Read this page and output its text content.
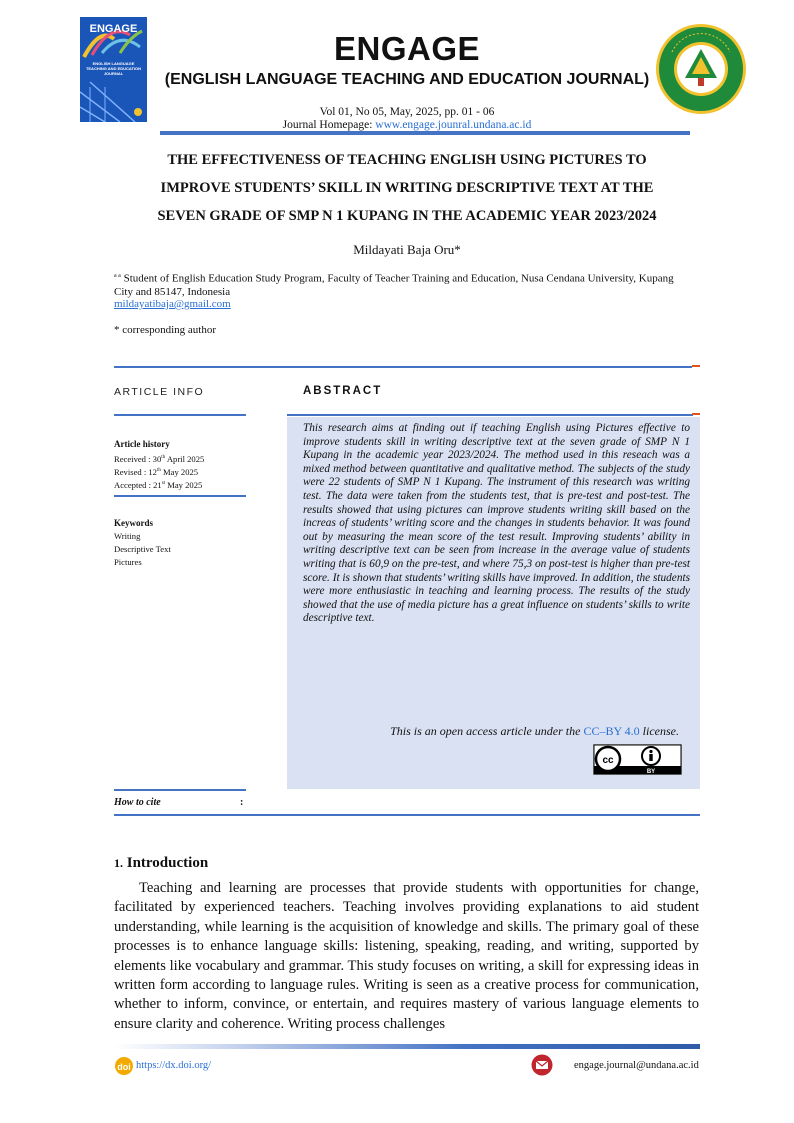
ENGAGE
ENGLISH LANGUAGE TEACHING AND EDUCATION JOURNAL
ENGAGE
(ENGLISH LANGUAGE TEACHING AND EDUCATION JOURNAL)
Vol 01, No 05, May, 2025, pp. 01 - 06
Journal Homepage: www.engage.jounral.undana.ac.id
THE EFFECTIVENESS OF TEACHING ENGLISH USING PICTURES TO
IMPROVE STUDENTS’ SKILL IN WRITING DESCRIPTIVE TEXT AT THE
SEVEN GRADE OF SMP N 1 KUPANG IN THE ACADEMIC YEAR 2023/2024
Mildayati Baja Oru*
$^{a a}$ Student of English Education Study Program, Faculty of Teacher Training and Education, Nusa Cendana University, Kupang City and 85147, Indonesia
mildayatibaja@gmail.com
* corresponding author
ARTICLE INFO	ABSTRACT
This research aims at finding out if teaching English using Pictures effective to improve students skill in writing descriptive text at the seven grade of SMP N 1 Kupang in the academic year 2023/2024. The method used in this reseach was a mixed method between quantitative and qualitative method. The subjects of the study were 22 students of SMP N 1 Kupang. The instrument of this research was writing test. The data were taken from the students test, that is pre-test and post-test. The results showed that using pictures can improve students writing skill based on the increas of students’ writing score and the changes in students behavior. It was found out by measuring the mean score of the test result. Improving students’ ability in writing descriptive text can be seen from increase in the average value of students writing that is 60,9 on the pre-test, and where 75,3 on post-test is higher than pre-test score. It is shown that students’ writing skills have improved. In addition, the students were more enthusiastic in teaching and learning process. The results of the study showed that the use of media picture has a great influence on students’ skills to write descriptive text.
This is an open access article under the CC–BY 4.0 license.
cc
BY
Article history
Received : 30th April 2025
Revised : 12th May 2025
Accepted : 21st May 2025
Keywords
Writing
Descriptive Text
Pictures
How to cite	:
1. Introduction
Teaching and learning are processes that provide students with opportunities for change, facilitated by experienced teachers. Teaching involves providing explanations to aid student understanding, while learning is the acquisition of knowledge and skills. The primary goal of these processes is to enhance language skills: listening, speaking, reading, and writing, supported by elements like vocabulary and grammar. This study focuses on writing, a skill for expressing ideas in written form according to language rules. Writing is seen as a creative process for communication, whether to inform, convince, or entertain, and requires mastery of various language elements to ensure clarity and coherence. Writing process challenges
doi https://dx.doi.org/	engage.journal@undana.ac.id
